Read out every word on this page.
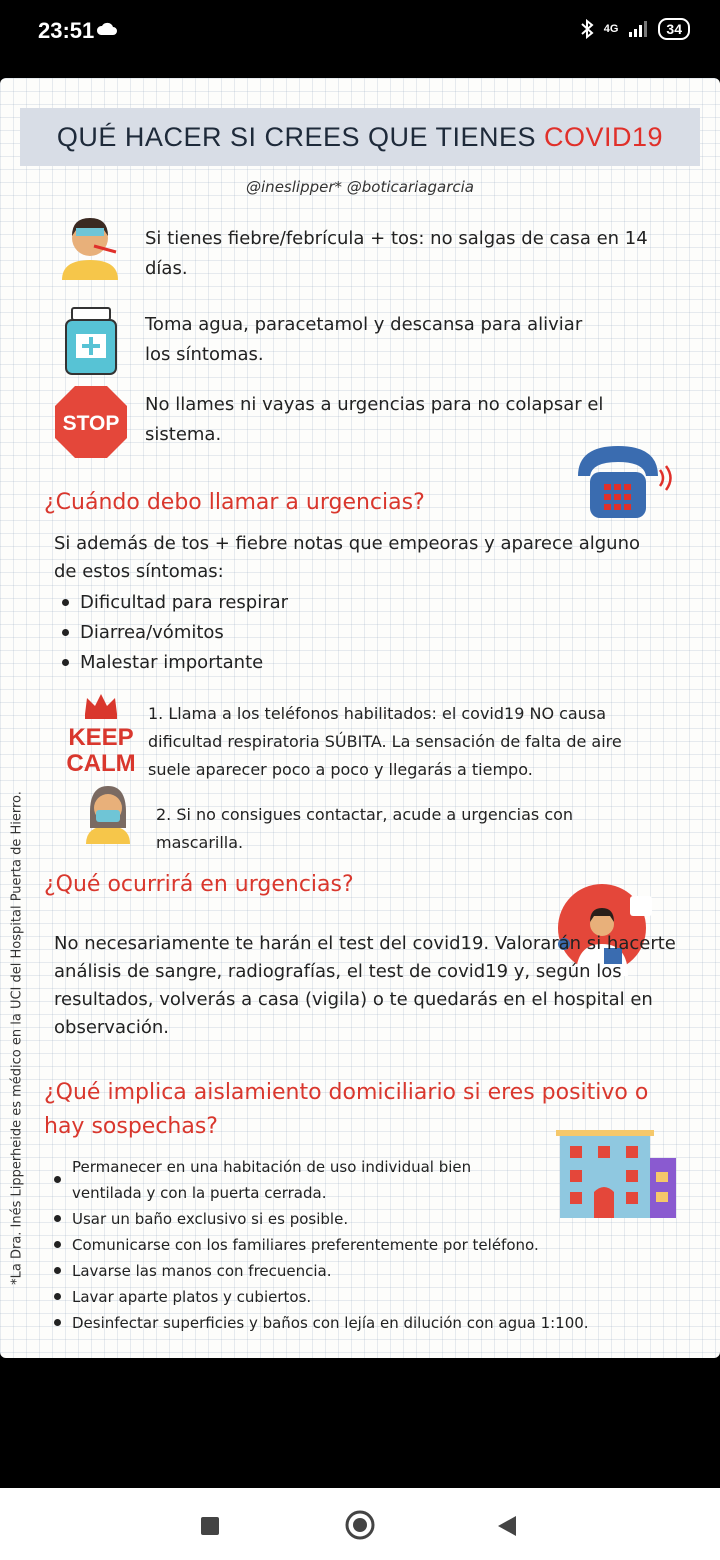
23:51	4G	34
QUÉ HACER SI CREES QUE TIENES COVID19
@ineslipper* @boticariagarcia
Si tienes fiebre/febrícula + tos: no salgas de casa en 14 días.
Toma agua, paracetamol y descansa para aliviar los síntomas.
STOP
No llames ni vayas a urgencias para no colapsar el sistema.
¿Cuándo debo llamar a urgencias?
Si además de tos + fiebre notas que empeoras y aparece alguno de estos síntomas:
Dificultad para respirar
Diarrea/vómitos
Malestar importante
KEEP
CALM
1. Llama a los teléfonos habilitados: el covid19 NO causa dificultad respiratoria SÚBITA. La sensación de falta de aire suele aparecer poco a poco y llegarás a tiempo.
2. Si no consigues contactar, acude a urgencias con mascarilla.
¿Qué ocurrirá en urgencias?
No necesariamente te harán el test del covid19. Valorarán si hacerte análisis de sangre, radiografías, el test de covid19 y, según los resultados, volverás a casa (vigila) o te quedarás en el hospital en observación.
¿Qué implica aislamiento domiciliario si eres positivo o hay sospechas?
Permanecer en una habitación de uso individual bien ventilada y con la puerta cerrada.
Usar un baño exclusivo si es posible.
Comunicarse con los familiares preferentemente por teléfono.
Lavarse las manos con frecuencia.
Lavar aparte platos y cubiertos.
Desinfectar superficies y baños con lejía en dilución con agua 1:100.
*La Dra. Inés Lipperheide es médico en la UCI del Hospital Puerta de Hierro.
